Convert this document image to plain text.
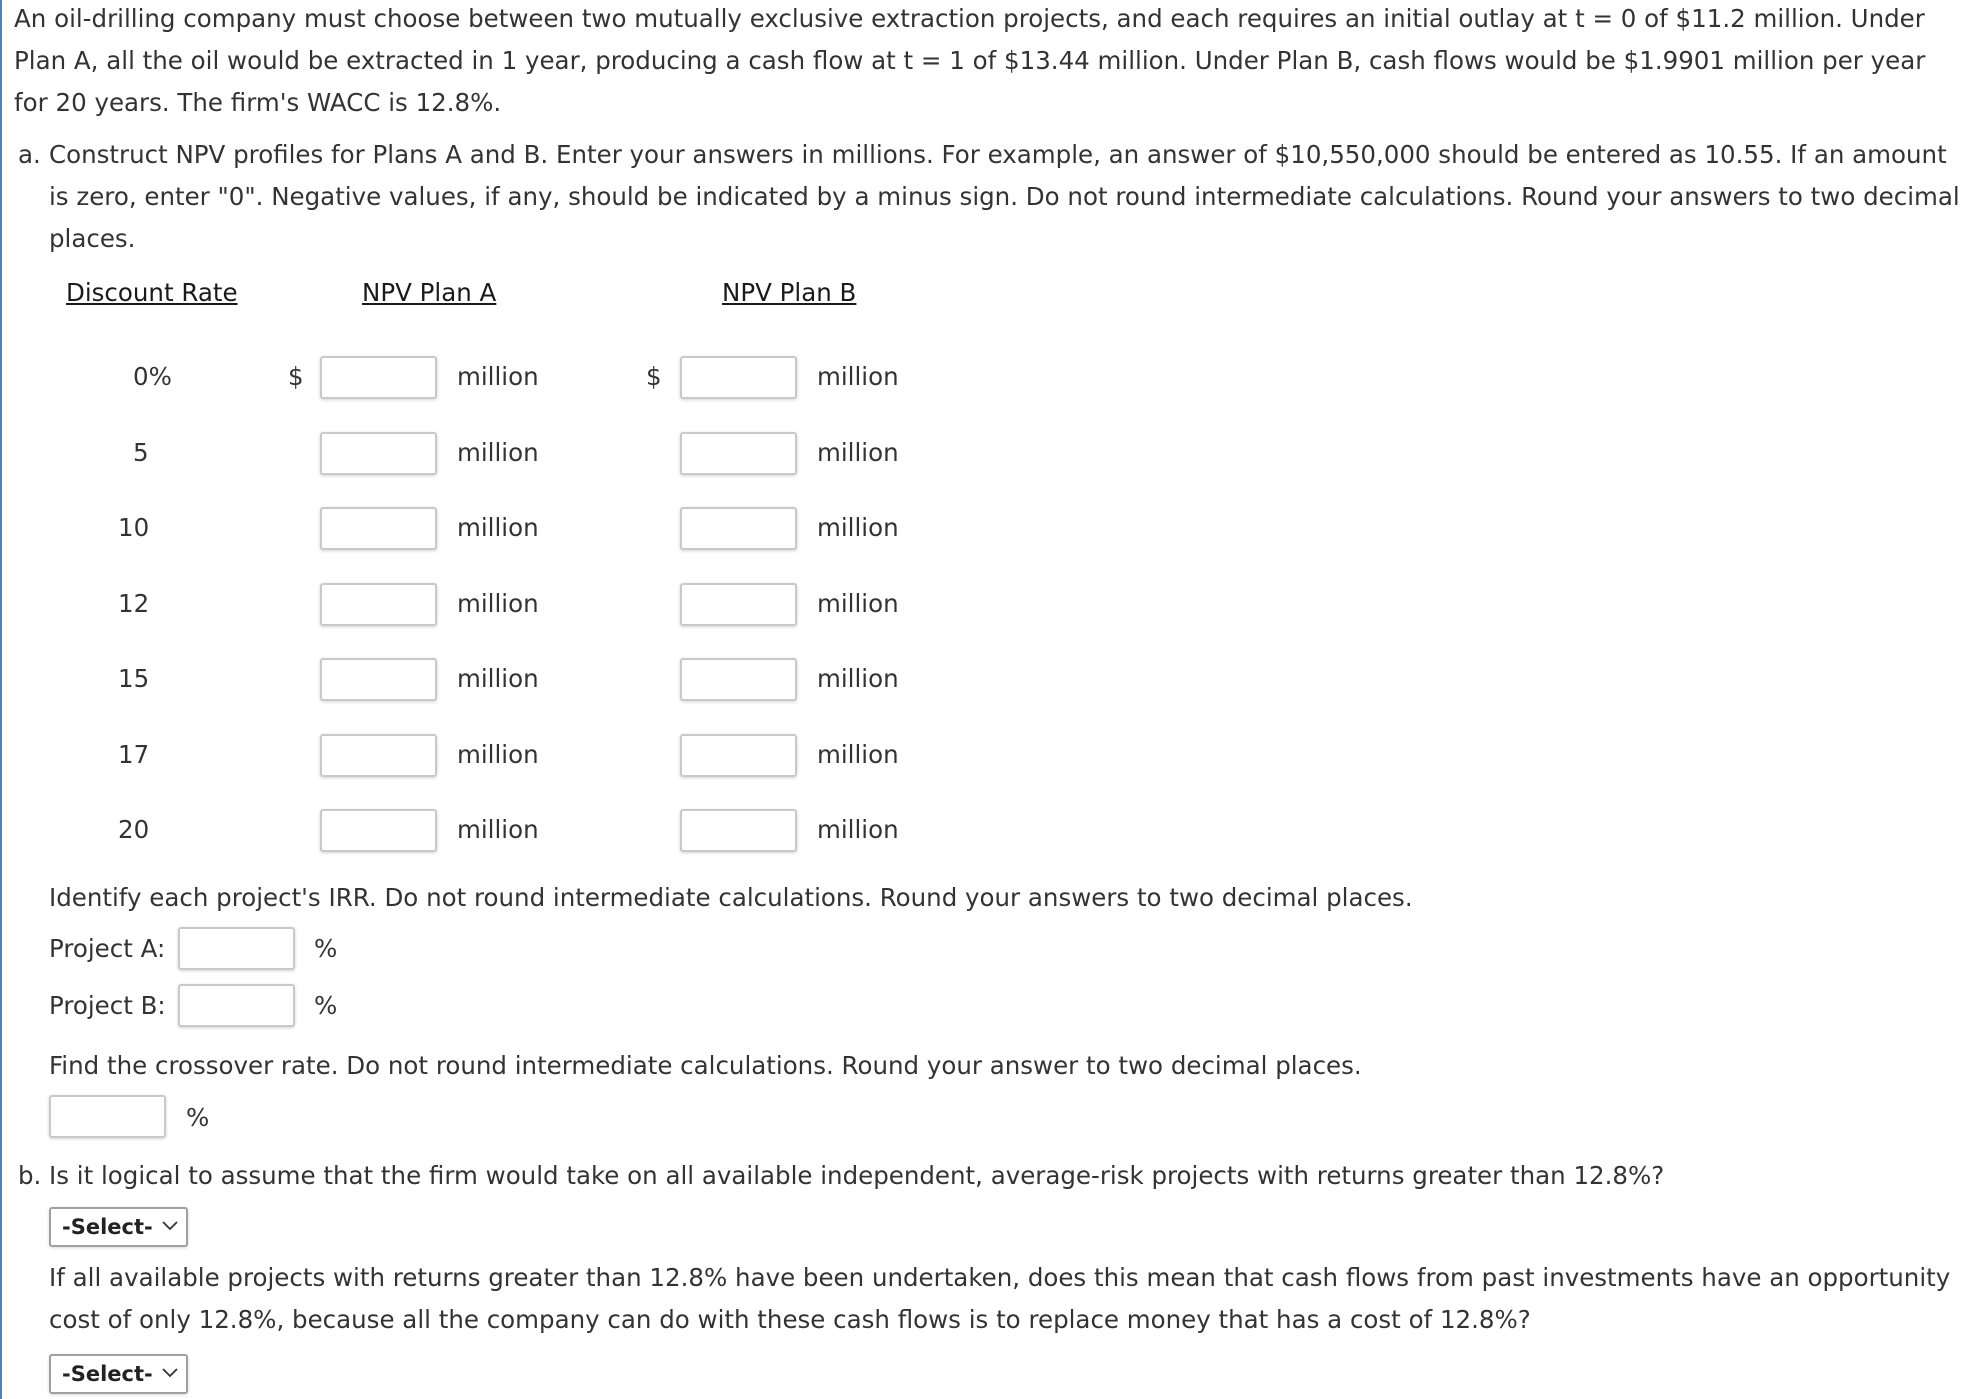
An oil-drilling company must choose between two mutually exclusive extraction projects, and each requires an initial outlay at t = 0 of $11.2 million. Under Plan A, all the oil would be extracted in 1 year, producing a cash flow at t = 1 of $13.44 million. Under Plan B, cash flows would be $1.9901 million per year for 20 years. The firm's WACC is 12.8%.
a. Construct NPV profiles for Plans A and B. Enter your answers in millions. For example, an answer of $10,550,000 should be entered as 10.55. If an amount is zero, enter "0". Negative values, if any, should be indicated by a minus sign. Do not round intermediate calculations. Round your answers to two decimal places.
Discount Rate	NPV Plan A	NPV Plan B
0%	$	million	$	million
5	million	million
10	million	million
12	million	million
15	million	million
17	million	million
20	million	million
Identify each project's IRR. Do not round intermediate calculations. Round your answers to two decimal places.
Project A:	%
Project B:	%
Find the crossover rate. Do not round intermediate calculations. Round your answer to two decimal places.
%
b. Is it logical to assume that the firm would take on all available independent, average-risk projects with returns greater than 12.8%?
-Select-
If all available projects with returns greater than 12.8% have been undertaken, does this mean that cash flows from past investments have an opportunity cost of only 12.8%, because all the company can do with these cash flows is to replace money that has a cost of 12.8%?
-Select-
